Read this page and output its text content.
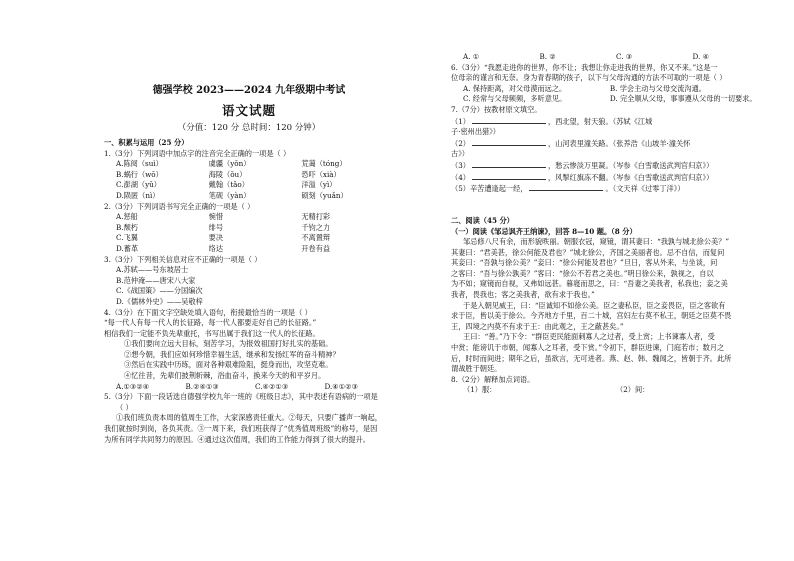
德强学校 2023——2024 九年级期中考试
语文试题
（分值：120 分 总时间：120 分钟）
一、积累与运用（25 分）
1.（3分）下列词语中加点字的注音完全正确的一项是（ ）
A.陈阅（suì）	虞疆（yǒn）	荒蔼（tóng）
B.蜗行（wō）	海陵（ǒu）	恐吓（xià）
C.澎湖（yǔ）	戴翰（tǎo）	洋溢（yì）
D.陨匿（nì）	笔砚（yàn）	硕刻（yuǎn）
2.（3分）下列词语书写完全正确的一项是（ ）
A.惩船	惋惜	无精打彩
B.颓朽	绯号	千钧之力
C.飞翼	要决	不离置辩
D.蓄革	络达	开卷有益
3.（3分）下列相关信息对应不正确的一项是（ ）
A.苏轼——号东坡居士
B.范仲淹——唐宋八大家
C.《战国策》——分国编次
D.《儒林外史》——吴敬梓
4.（3分）在下面文字空缺处填入语句，衔接最恰当的一项是（ ）
“每一代人有每一代人的长征路，每一代人都要走好自己的长征路。”
相信我们一定能不负先辈重托，书写出属于我们这一代人的长征路。
①我们要向立远大目标，刻苦学习，为报效祖国打好扎实的基础。
②想今朝，我们应如何珍惜幸福生活，继承和发扬红军的奋斗精神？
③然后在实践中历练，面对各种艰难险阻，挺身而出，攻坚克难。
④忆往昔，先辈们披荆斩棘，浴血奋斗，换来今天的和平岁月。
A.①③②④	B.②④①③	C.④②①③	D.④①②③
5.（3分）下面一段话选自德强学校九年一班的《班级日志》，其中表述有语病的一项是
（ ）
①我们班负责本周的值周生工作，大家深感责任重大。②每天，只要广播声一响起，
我们就按时到岗，各负其责。③一周下来，我们班获得了“优秀值周班级”的称号，是因
为所有同学共同努力的原因。④通过这次值周，我们的工作能力得到了很大的提升。
A. ①	B. ②	C. ③	D. ④
6.（3分）“我愿走进你的世界，你不让；我想让你走进我的世界，你又不来。”这是一
位母亲的谨言和无奈。身为青春期的孩子，以下与父母沟通的方法不可取的一项是（ ）
A. 保持距离，对父母漠而远之。	B. 学会主动与父母交流沟通。
C. 经常与父母频频，多听意见。	D. 完全顺从父母，事事遵从父母的一切要求。
7.（7分）按教材原文填空。
（1）	，西北望，射天狼。（苏轼《江城
子·密州出猎》）
（2）	，山河表里潼关路。（张养浩《山坡羊·潼关怀
古》）
（3）	，愁云惨淡万里凝。（岑参《白雪歌送武判官归京》）
（4）	，风掣红旗冻不翻。（岑参《白雪歌送武判官归京》）
（5）辛苦遭逢起一经，	。（文天祥《过零丁洋》）

二、阅读（45 分）
（一）阅读《邹忌讽齐王纳谏》，回答 8—10 题。（8 分）
邹忌修八尺有余，而形貌昳丽。朝服衣冠，窥镜，谓其妻曰：“我孰与城北徐公美？”
其妻曰：“君美甚，徐公何能及君也？”城北徐公，齐国之美丽者也。忌不自信，而复问
其妾曰：“吾孰与徐公美？”妾曰：“徐公何能及君也？”旦日，客从外来，与坐谈，问
之客曰：“吾与徐公孰美？”客曰：“徐公不若君之美也。”明日徐公来，孰视之，自以
为不如；窥镜而自视，又弗如远甚。暮寝而思之，曰：“吾妻之美我者，私我也；妾之美
我者，畏我也；客之美我者，欲有求于我也。”
于是入朝见威王，曰：“臣诚知不如徐公美。臣之妻私臣，臣之妾畏臣，臣之客欲有
求于臣，皆以美于徐公。今齐地方千里，百二十城，宫妇左右莫不私王，朝廷之臣莫不畏
王，四境之内莫不有求于王：由此观之，王之蔽甚矣。”
王曰：“善。”乃下令：“群臣吏民能面刺寡人之过者，受上赏；上书谏寡人者，受
中赏；能谤讥于市朝，闻寡人之耳者，受下赏。”令初下，群臣进谏，门庭若市；数月之
后，时时而间进；期年之后，虽欲言，无可进者。燕、赵、韩、魏闻之，皆朝于齐。此所
谓战胜于朝廷。
8.（2分）解释加点词语。
（1）服：	（2）间：
